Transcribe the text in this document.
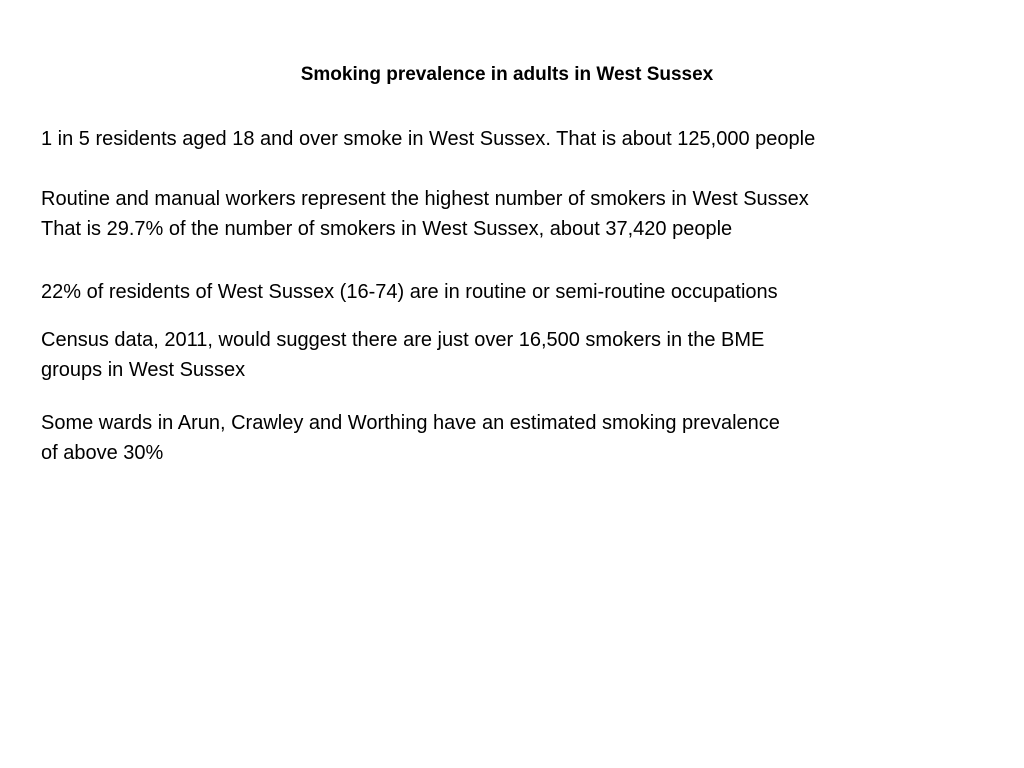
Smoking prevalence in adults in West Sussex

1 in 5 residents aged 18 and over smoke in West Sussex. That is about 125,000 people

Routine and manual workers represent the highest number of smokers in West Sussex
That is 29.7% of the number of smokers in West Sussex, about 37,420 people

22% of residents of West Sussex (16-74) are in routine or semi-routine occupations

Census data, 2011, would suggest there are just over 16,500 smokers in the BME
groups in West Sussex

Some wards in Arun, Crawley and Worthing have an estimated smoking prevalence
of above 30%
